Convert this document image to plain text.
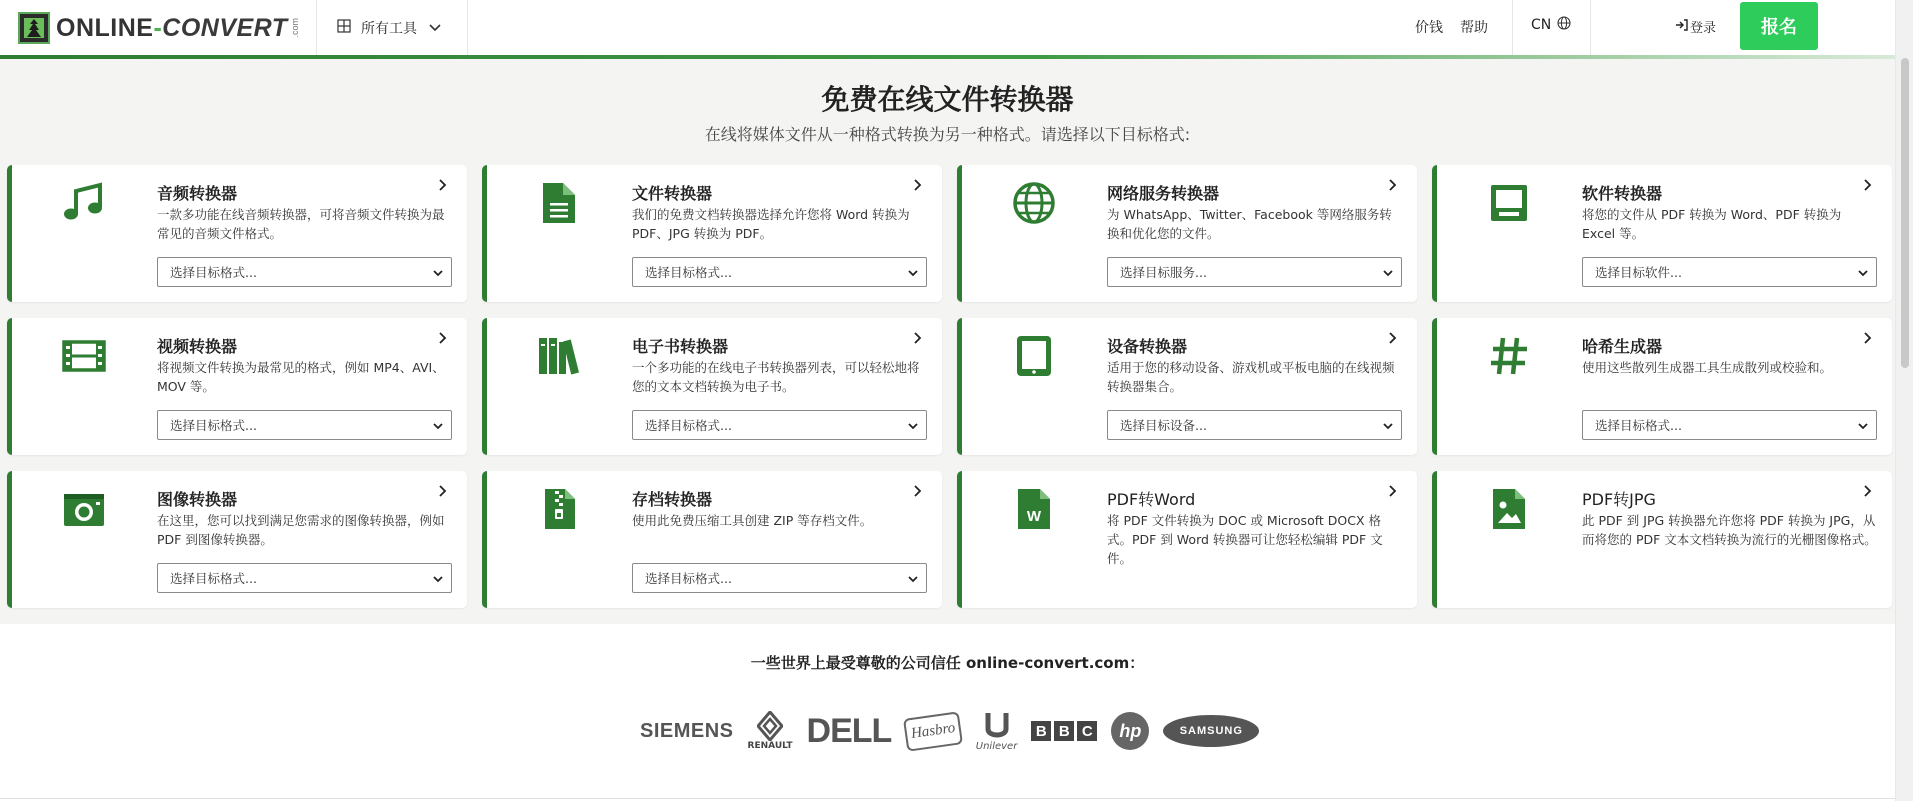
ONLINE-CONVERT .com	所有工具	价钱 帮助	CN	登录	报名
免费在线文件转换器
在线将媒体文件从一种格式转换为另一种格式。请选择以下目标格式:
音频转换器
一款多功能在线音频转换器，可将音频文件转换为最常见的音频文件格式。
选择目标格式...
文件转换器
我们的免费文档转换器选择允许您将 Word 转换为 PDF、JPG 转换为 PDF。
选择目标格式...
网络服务转换器
为 WhatsApp、Twitter、Facebook 等网络服务转换和优化您的文件。
选择目标服务...
软件转换器
将您的文件从 PDF 转换为 Word、PDF 转换为 Excel 等。
选择目标软件...
视频转换器
将视频文件转换为最常见的格式，例如 MP4、AVI、MOV 等。
选择目标格式...
电子书转换器
一个多功能的在线电子书转换器列表，可以轻松地将您的文本文档转换为电子书。
选择目标格式...
设备转换器
适用于您的移动设备、游戏机或平板电脑的在线视频转换器集合。
选择目标设备...
哈希生成器
使用这些散列生成器工具生成散列或校验和。
选择目标格式...
图像转换器
在这里，您可以找到满足您需求的图像转换器，例如 PDF 到图像转换器。
选择目标格式...
存档转换器
使用此免费压缩工具创建 ZIP 等存档文件。
选择目标格式...
W
PDF转Word
将 PDF 文件转换为 DOC 或 Microsoft DOCX 格式。PDF 到 Word 转换器可让您轻松编辑 PDF 文件。
PDF转JPG
此 PDF 到 JPG 转换器允许您将 PDF 转换为 JPG，从而将您的 PDF 文本文档转换为流行的光栅图像格式。
一些世界上最受尊敬的公司信任 online-convert.com：
SIEMENS
RENAULT DELL	Hasbro
Unilever
B B C	hp	SAMSUNG
